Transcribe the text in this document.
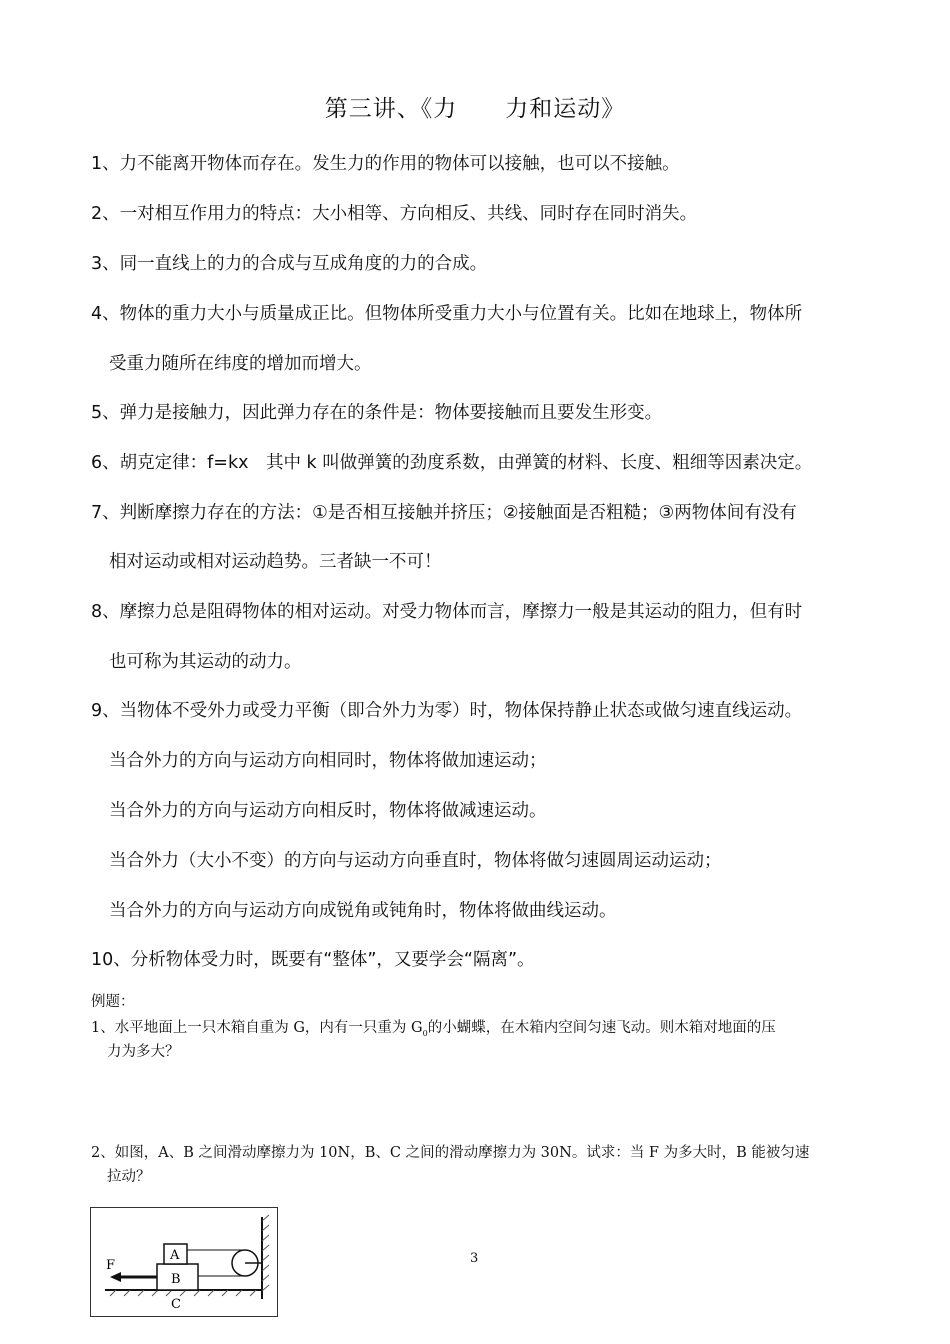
第三讲、《力　　力和运动》
1、力不能离开物体而存在。发生力的作用的物体可以接触，也可以不接触。
2、一对相互作用力的特点：大小相等、方向相反、共线、同时存在同时消失。
3、同一直线上的力的合成与互成角度的力的合成。
4、物体的重力大小与质量成正比。但物体所受重力大小与位置有关。比如在地球上，物体所
受重力随所在纬度的增加而增大。
5、弹力是接触力，因此弹力存在的条件是：物体要接触而且要发生形变。
6、胡克定律：f=kx　其中 k 叫做弹簧的劲度系数，由弹簧的材料、长度、粗细等因素决定。
7、判断摩擦力存在的方法：①是否相互接触并挤压；②接触面是否粗糙；③两物体间有没有
相对运动或相对运动趋势。三者缺一不可！
8、摩擦力总是阻碍物体的相对运动。对受力物体而言，摩擦力一般是其运动的阻力，但有时
也可称为其运动的动力。
9、当物体不受外力或受力平衡（即合外力为零）时，物体保持静止状态或做匀速直线运动。
当合外力的方向与运动方向相同时，物体将做加速运动；
当合外力的方向与运动方向相反时，物体将做减速运动。
当合外力（大小不变）的方向与运动方向垂直时，物体将做匀速圆周运动运动；
当合外力的方向与运动方向成锐角或钝角时，物体将做曲线运动。
10、分析物体受力时，既要有“整体”，又要学会“隔离”。
例题：
1、水平地面上一只木箱自重为 G，内有一只重为 $G_0$的小蝴蝶，在木箱内空间匀速飞动。则木箱对地面的压
力为多大？
2、如图，A、B 之间滑动摩擦力为 10N，B、C 之间的滑动摩擦力为 30N。试求：当 F 为多大时，B 能被匀速
拉动？
A
B
C
F	3
